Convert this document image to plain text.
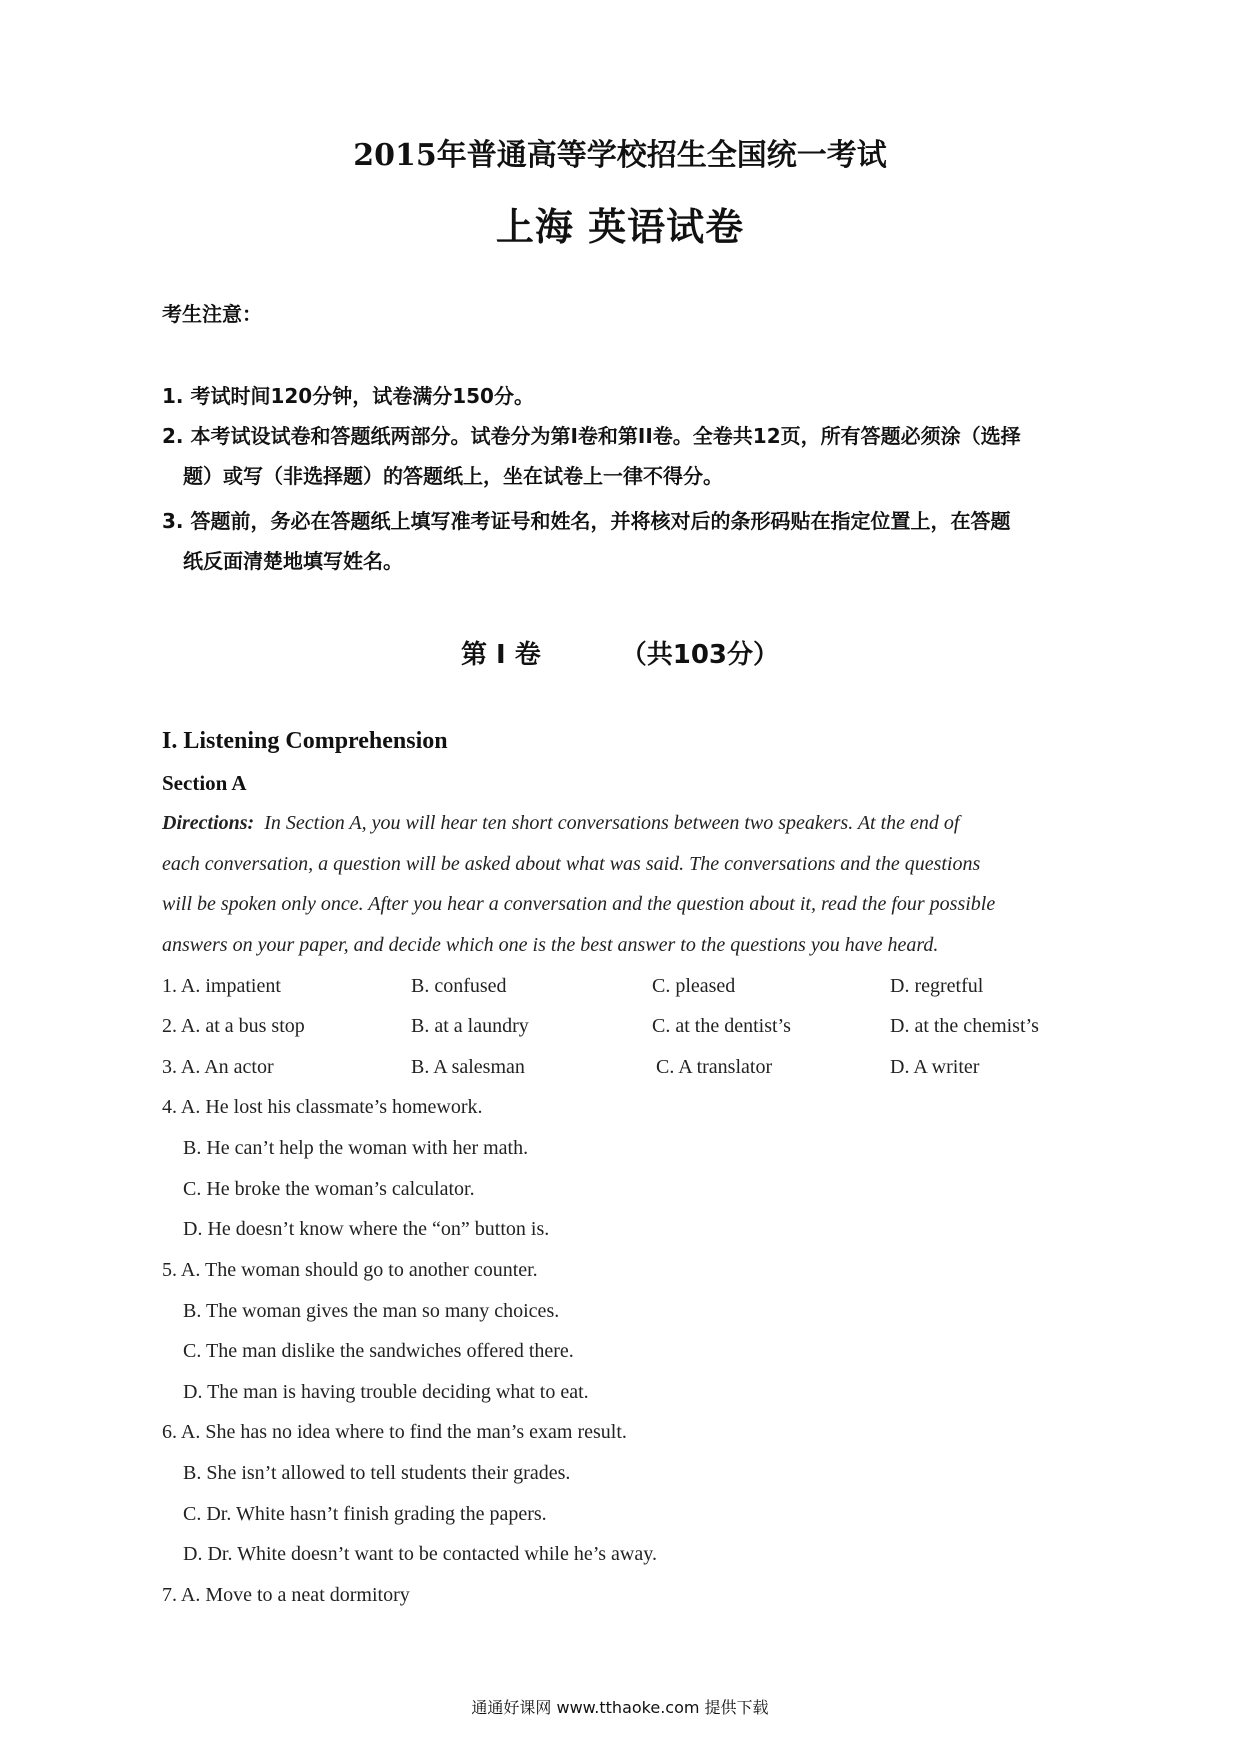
2015年普通高等学校招生全国统一考试
上海 英语试卷
考生注意：
1. 考试时间120分钟，试卷满分150分。
2. 本考试设试卷和答题纸两部分。试卷分为第I卷和第II卷。全卷共12页，所有答题必须涂（选择
题）或写（非选择题）的答题纸上，坐在试卷上一律不得分。
3. 答题前，务必在答题纸上填写准考证号和姓名，并将核对后的条形码贴在指定位置上，在答题
纸反面清楚地填写姓名。
第 I 卷	（共103分）
I. Listening Comprehension
Section A
Directions: In Section A, you will hear ten short conversations between two speakers. At the end of
each conversation, a question will be asked about what was said. The conversations and the questions
will be spoken only once. After you hear a conversation and the question about it, read the four possible
answers on your paper, and decide which one is the best answer to the questions you have heard.
1. A. impatient	B. confused	C. pleased	D. regretful
2. A. at a bus stop	B. at a laundry	C. at the dentist’s	D. at the chemist’s
3. A. An actor	B. A salesman	C. A translator	D. A writer
4. A. He lost his classmate’s homework.
B. He can’t help the woman with her math.
C. He broke the woman’s calculator.
D. He doesn’t know where the “on” button is.
5. A. The woman should go to another counter.
B. The woman gives the man so many choices.
C. The man dislike the sandwiches offered there.
D. The man is having trouble deciding what to eat.
6. A. She has no idea where to find the man’s exam result.
B. She isn’t allowed to tell students their grades.
C. Dr. White hasn’t finish grading the papers.
D. Dr. White doesn’t want to be contacted while he’s away.
7. A. Move to a neat dormitory
通通好课网 www.tthaoke.com 提供下载
